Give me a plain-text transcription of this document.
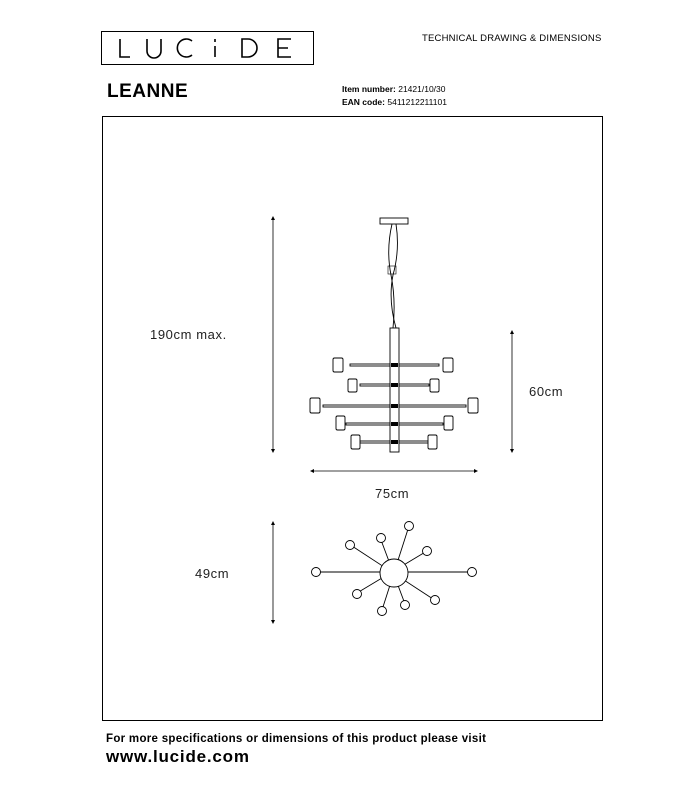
TECHNICAL DRAWING & DIMENSIONS
LEANNE	Item number: 21421/10/30
EAN code: 5411212211101
190cm max.
60cm
75cm
49cm
For more specifications or dimensions of this product please visit
www.lucide.com
